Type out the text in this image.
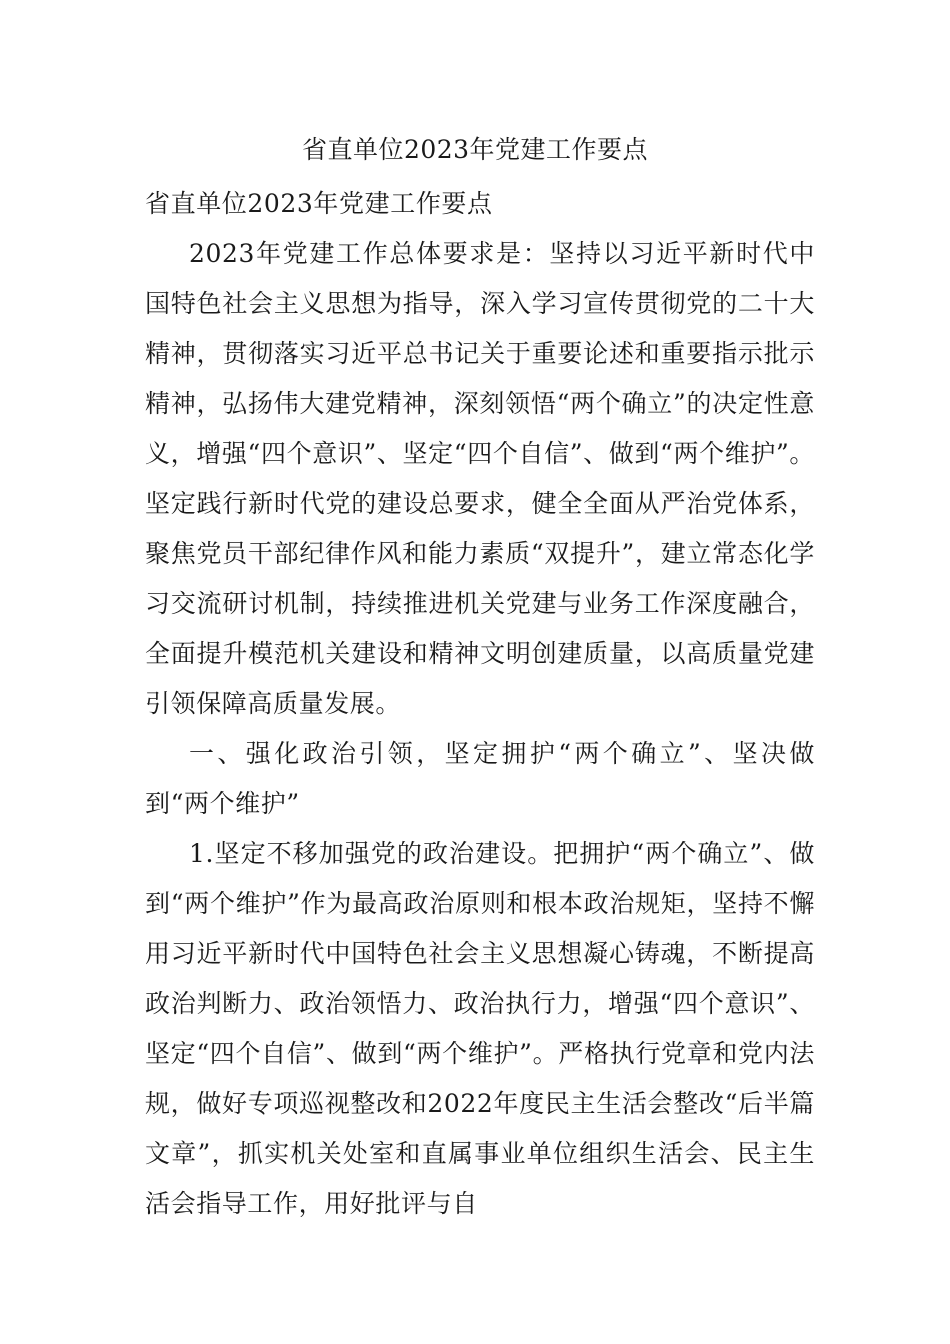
省直单位2023年党建工作要点

省直单位2023年党建工作要点

2023年党建工作总体要求是：坚持以习近平新时代中国特色社会主义思想为指导，深入学习宣传贯彻党的二十大精神，贯彻落实习近平总书记关于重要论述和重要指示批示精神，弘扬伟大建党精神，深刻领悟“两个确立”的决定性意义，增强“四个意识”、坚定“四个自信”、做到“两个维护”。坚定践行新时代党的建设总要求，健全全面从严治党体系，聚焦党员干部纪律作风和能力素质“双提升”，建立常态化学习交流研讨机制，持续推进机关党建与业务工作深度融合，全面提升模范机关建设和精神文明创建质量，以高质量党建引领保障高质量发展。

一、强化政治引领，坚定拥护“两个确立”、坚决做到“两个维护”

1.坚定不移加强党的政治建设。把拥护“两个确立”、做到“两个维护”作为最高政治原则和根本政治规矩，坚持不懈用习近平新时代中国特色社会主义思想凝心铸魂，不断提高政治判断力、政治领悟力、政治执行力，增强“四个意识”、坚定“四个自信”、做到“两个维护”。严格执行党章和党内法规，做好专项巡视整改和2022年度民主生活会整改“后半篇文章”，抓实机关处室和直属事业单位组织生活会、民主生活会指导工作，用好批评与自
